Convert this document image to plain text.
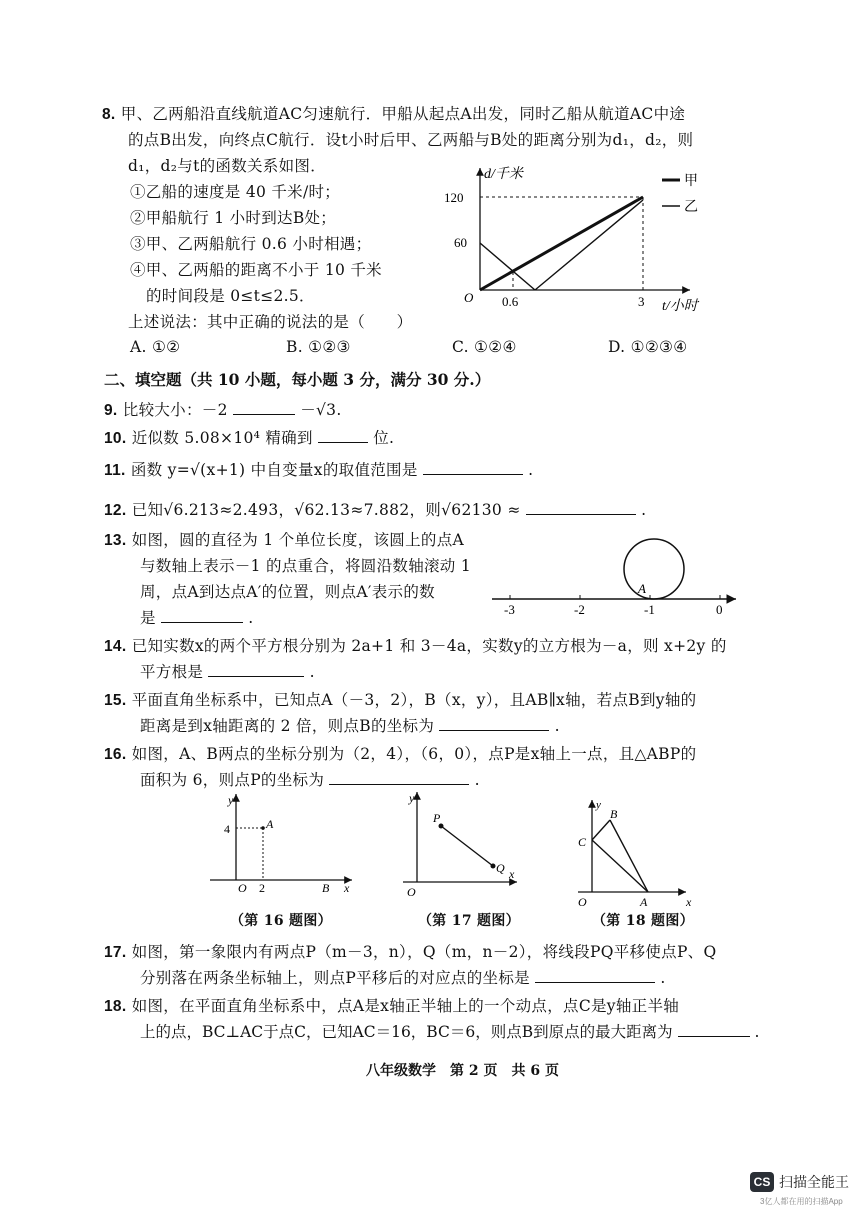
8. 甲、乙两船沿直线航道AC匀速航行．甲船从起点A出发，同时乙船从航道AC中途
的点B出发，向终点C航行．设t小时后甲、乙两船与B处的距离分别为d₁，d₂，则
d₁，d₂与t的函数关系如图．
①乙船的速度是 40 千米/时；
②甲船航行 1 小时到达B处；
③甲、乙两船航行 0.6 小时相遇；
④甲、乙两船的距离不小于 10 千米
的时间段是 0≤t≤2.5．
上述说法：其中正确的说法的是（　　）
A. ①②	B. ①②③	C. ①②④	D. ①②③④
d/千米
120
60
O 0.6	3 t/小时
甲
乙
二、填空题（共 10 小题，每小题 3 分，满分 30 分.）
9. 比较大小：－2	－√3.
10. 近似数 5.08×10⁴ 精确到	位.
11. 函数 y=√(x+1) 中自变量x的取值范围是	.
12. 已知√6.213≈2.493，√62.13≈7.882，则√62130 ≈	.
13. 如图，圆的直径为 1 个单位长度，该圆上的点A
与数轴上表示－1 的点重合，将圆沿数轴滚动 1
周，点A到达点A′的位置，则点A′表示的数
是	.
A
-3	-2	-1	0
14. 已知实数x的两个平方根分别为 2a+1 和 3－4a，实数y的立方根为－a，则 x+2y 的
平方根是	.
15. 平面直角坐标系中，已知点A（－3，2），B（x，y），且AB∥x轴，若点B到y轴的
距离是到x轴距离的 2 倍，则点B的坐标为	.
16. 如图，A、B两点的坐标分别为（2，4），（6，0），点P是x轴上一点，且△ABP的
面积为 6，则点P的坐标为	.
y
x
O
4
2
A
B
（第 16 题图）
y
x
O
P
Q
（第 17 题图）
y
x
O	A
B
C
（第 18 题图）
17. 如图，第一象限内有两点P（m－3，n），Q（m，n－2），将线段PQ平移使点P、Q
分别落在两条坐标轴上，则点P平移后的对应点的坐标是	.
18. 如图，在平面直角坐标系中，点A是x轴正半轴上的一个动点，点C是y轴正半轴
上的点，BC⊥AC于点C，已知AC＝16，BC＝6，则点B到原点的最大距离为	.
八年级数学　第 2 页　共 6 页
CS 扫描全能王
3亿人都在用的扫描App
